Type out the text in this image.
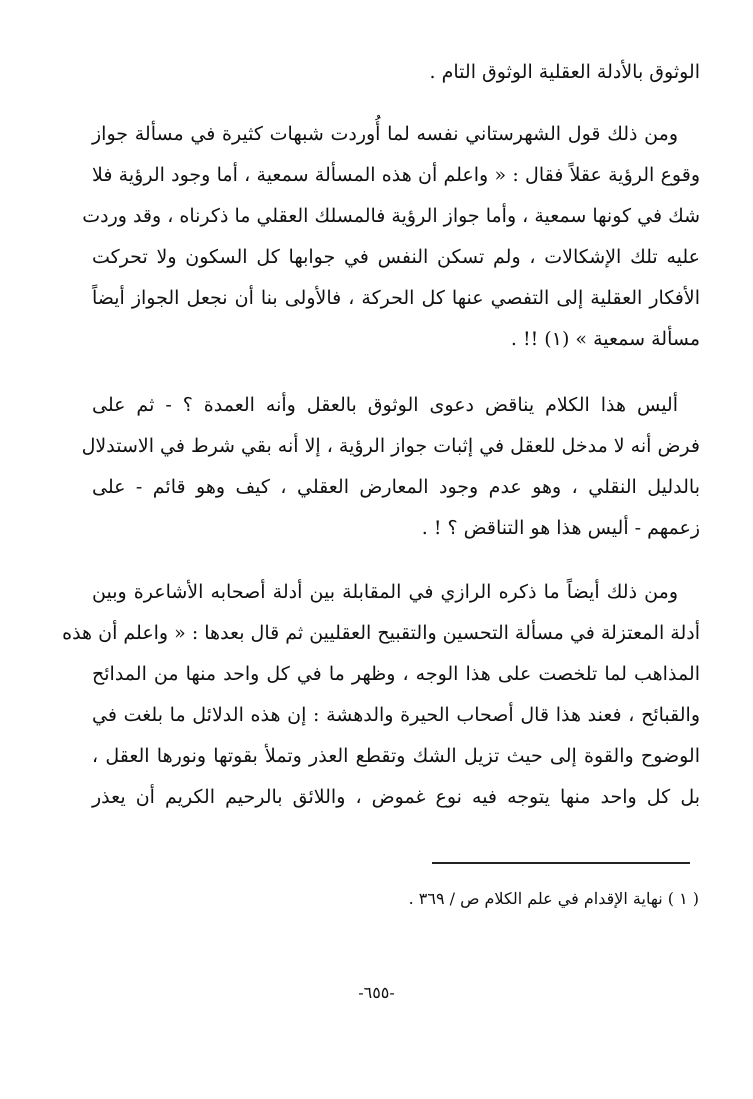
الوثوق بالأدلة العقلية الوثوق التام .
ومن ذلك قول الشهرستاني نفسه لما أُوردت شبهات كثيرة في مسألة جواز
وقوع الرؤية عقلاً فقال : « واعلم أن هذه المسألة سمعية ، أما وجود الرؤية فلا
شك في كونها سمعية ، وأما جواز الرؤية فالمسلك العقلي ما ذكرناه ، وقد وردت
عليه تلك الإشكالات ، ولم تسكن النفس في جوابها كل السكون ولا تحركت
الأفكار العقلية إلى التفصي عنها كل الحركة ، فالأولى بنا أن نجعل الجواز أيضاً
مسألة سمعية » (١) !! .
أليس هذا الكلام يناقض دعوى الوثوق بالعقل وأنه العمدة ؟ - ثم على
فرض أنه لا مدخل للعقل في إثبات جواز الرؤية ، إلا أنه بقي شرط في الاستدلال
بالدليل النقلي ، وهو عدم وجود المعارض العقلي ، كيف وهو قائم - على
زعمهم - أليس هذا هو التناقض ؟ ! .
ومن ذلك أيضاً ما ذكره الرازي في المقابلة بين أدلة أصحابه الأشاعرة وبين
أدلة المعتزلة في مسألة التحسين والتقبيح العقليين ثم قال بعدها : « واعلم أن هذه
المذاهب لما تلخصت على هذا الوجه ، وظهر ما في كل واحد منها من المدائح
والقبائح ، فعند هذا قال أصحاب الحيرة والدهشة : إن هذه الدلائل ما بلغت في
الوضوح والقوة إلى حيث تزيل الشك وتقطع العذر وتملأ بقوتها ونورها العقل ،
بل كل واحد منها يتوجه فيه نوع غموض ، واللائق بالرحيم الكريم أن يعذر
( ١ ) نهاية الإقدام في علم الكلام ص / ٣٦٩ .
-٦٥٥-
